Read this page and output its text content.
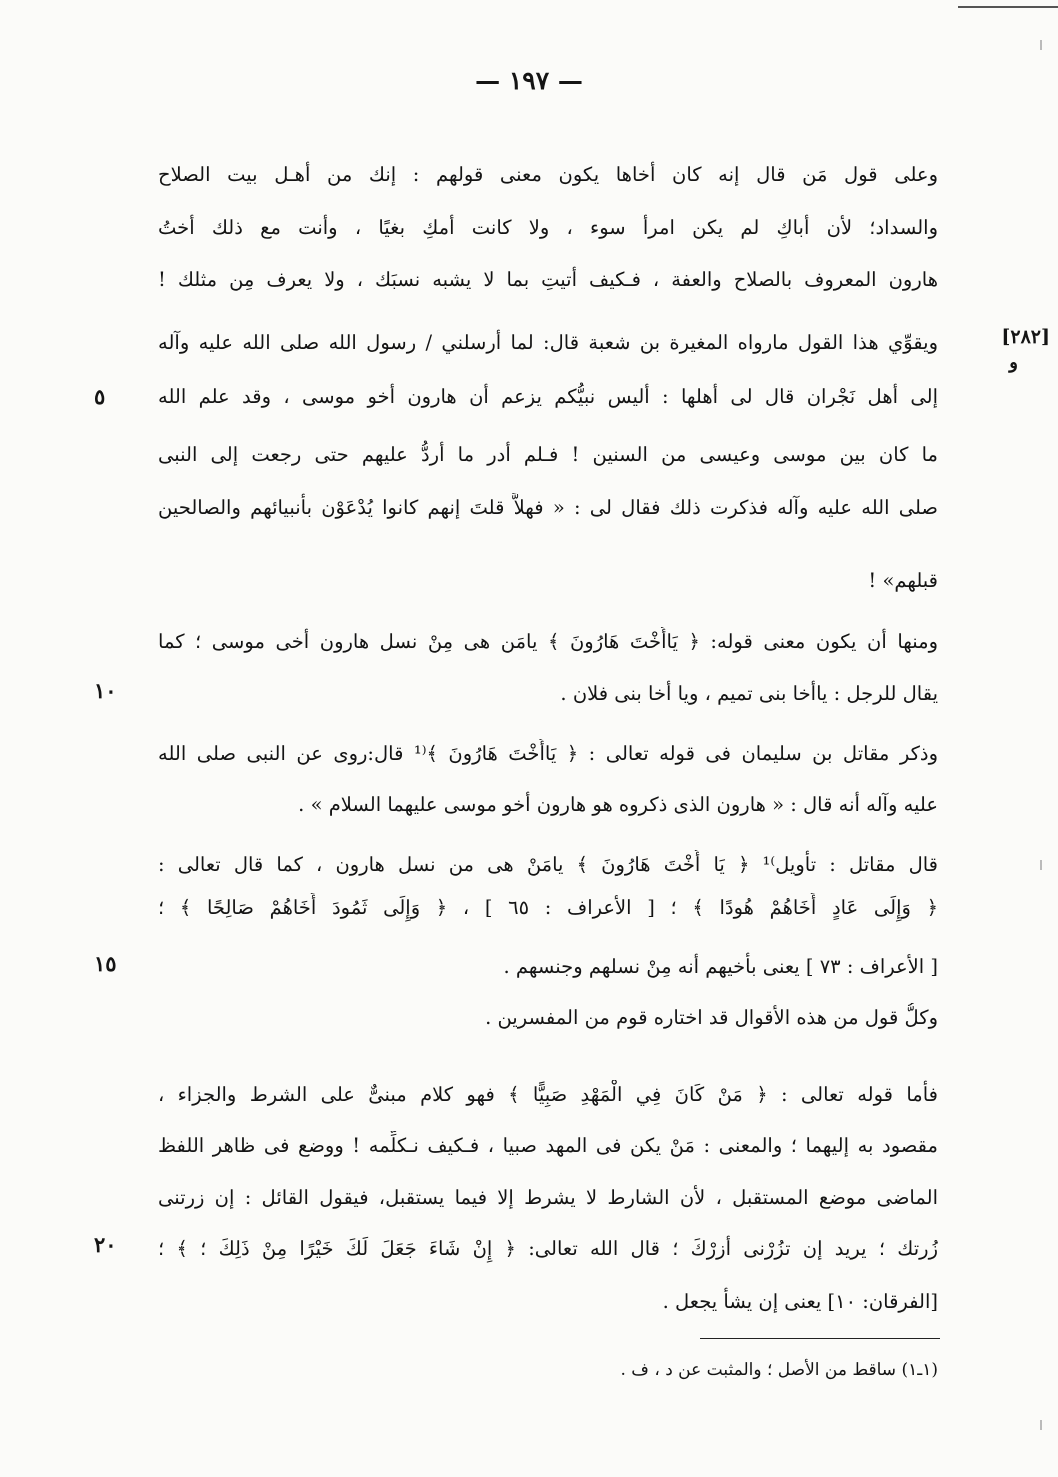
— ١٩٧ —
[٢٨٢]
و
وعلى قول مَن قال إنه كان أخاها يكون معنى قولهم : إنك من أهـل بيت الصلاح
والسداد؛ لأن أباكِ لم يكن امرأ سوء ، ولا كانت أمكِ بغيًا ، وأنت مع ذلك أختُ
هارون المعروف بالصلاح والعفة ، فـكيف أتيتِ بما لا يشبه نسبَك ، ولا يعرف مِن مثلك !
ويقوِّي هذا القول مارواه المغيرة بن شعبة قال: لما أرسلني / رسول الله صلى الله عليه وآله
إلى أهل نَجْران قال لى أهلها : أليس نبيُّكم يزعم أن هارون أخو موسى ، وقد علم الله
ما كان بين موسى وعيسى من السنين ! فـلم أدر ما أردُّ عليهم حتى رجعت إلى النبى
صلى الله عليه وآله فذكرت ذلك فقال لى : « فهلاَّ قلتَ إنهم كانوا يُدْعَوْن بأنبيائهم والصالحين
قبلهم» !
ومنها أن يكون معنى قوله: ﴿ يَاأُخْتَ هَارُونَ ﴾ يامَن هى مِنْ نسل هارون أخى موسى ؛ كما
يقال للرجل : ياأخا بنى تميم ، ويا أخا بنى فلان .
وذكر مقاتل بن سليمان فى قوله تعالى : ﴿ يَاأُخْتَ هَارُونَ ﴾⁽¹ قال:روى عن النبى صلى الله
عليه وآله أنه قال : « هارون الذى ذكروه هو هارون أخو موسى عليهما السلام » .
قال مقاتل : تأويل⁾¹ ﴿ يَا أُخْتَ هَارُونَ ﴾ يامَنْ هى من نسل هارون ، كما قال تعالى :
﴿ وَإِلَى عَادٍ أَخَاهُمْ هُودًا ﴾ ؛ [ الأعراف : ٦٥ ] ، ﴿ وَإِلَى ثَمُودَ أَخَاهُمْ صَالِحًا ﴾ ؛
[ الأعراف : ٧٣ ] يعنى بأخيهم أنه مِنْ نسلهم وجنسهم .
وكلُّ قول من هذه الأقوال قد اختاره قوم من المفسرين .
فأما قوله تعالى : ﴿ مَنْ كَانَ فِي الْمَهْدِ صَبِيًّا ﴾ فهو كلام مبنىٌّ على الشرط والجزاء ،
مقصود به إليهما ؛ والمعنى : مَنْ يكن فى المهد صبيا ، فـكيف نـكلِّمه ! ووضع فى ظاهر اللفظ
الماضى موضع المستقبل ، لأن الشارط لا يشرط إلا فيما يستقبل، فيقول القائل : إن زرتنى
زُرتك ؛ يريد إن تزُرْنى أزرْكَ ؛ قال الله تعالى: ﴿ إِنْ شَاءَ جَعَلَ لَكَ خَيْرًا مِنْ ذَلِكَ ؛ ﴾ ؛
[الفرقان: ١٠] يعنى إن يشأ يجعل .
٥
١٠
١٥
٢٠
(١ـ١) ساقط من الأصل ؛ والمثبت عن د ، ف .
